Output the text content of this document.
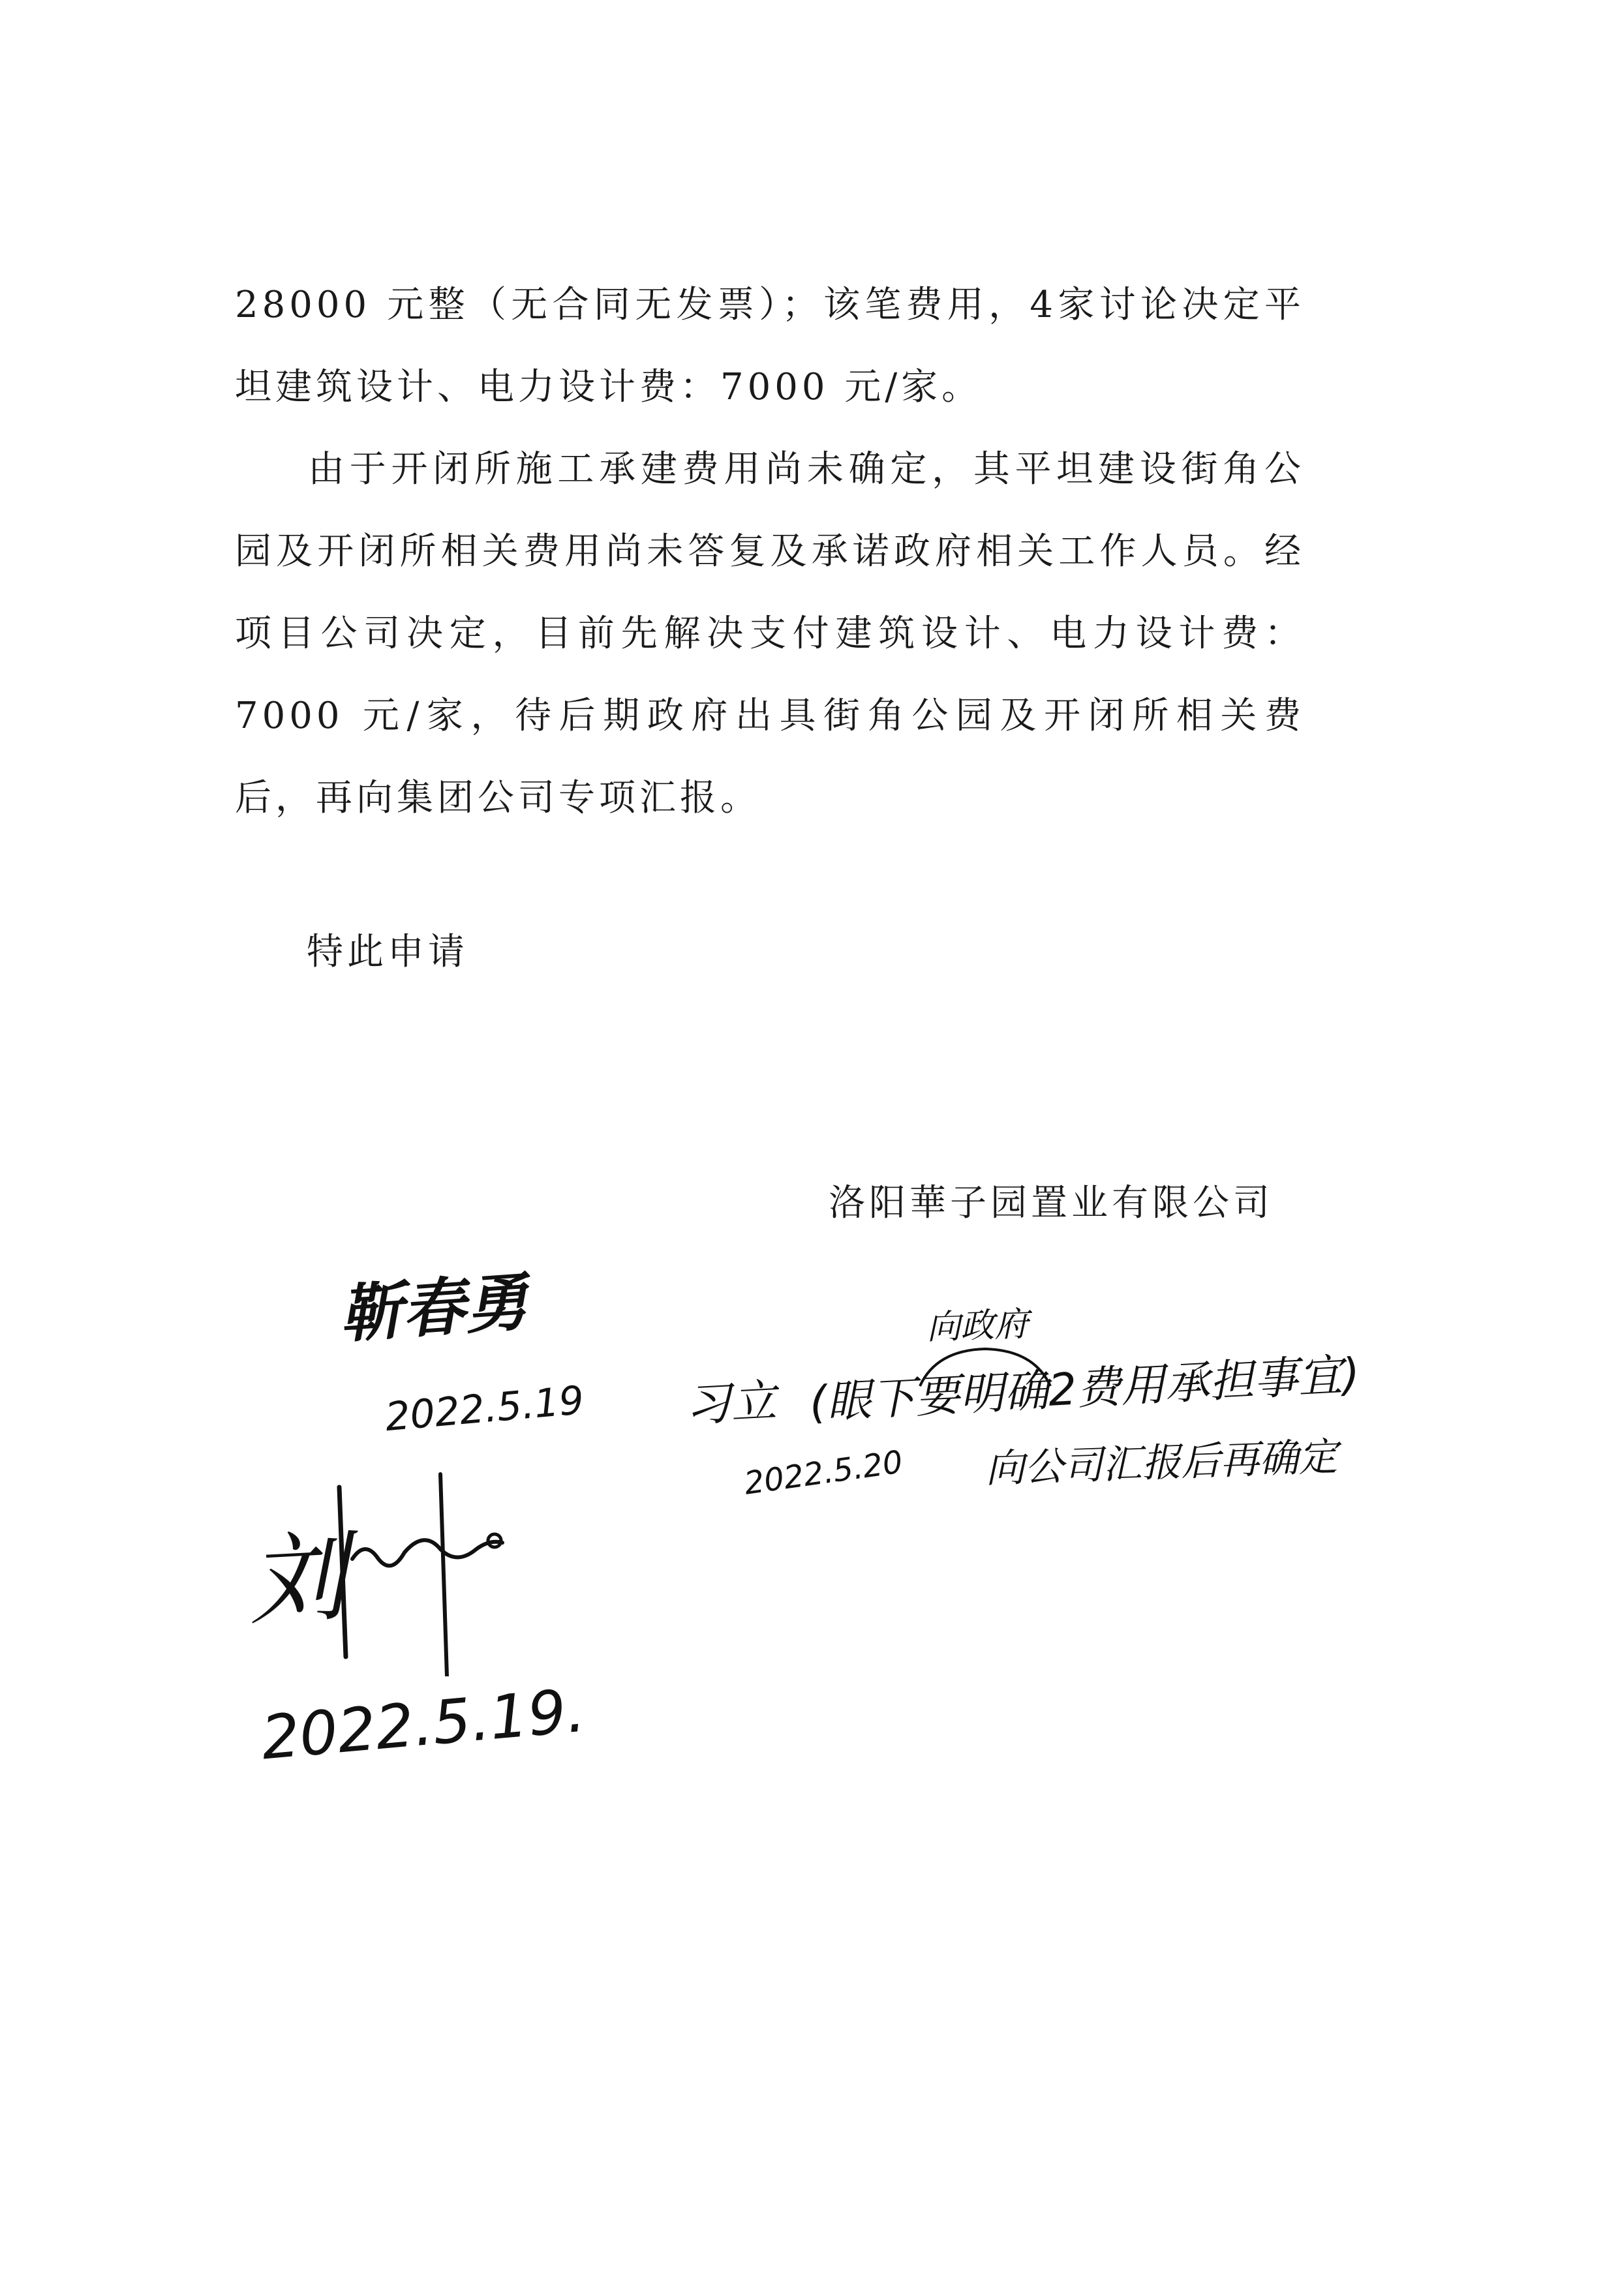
28000 元整（无合同无发票）；该笔费用，4家讨论决定平坦建筑设计、电力设计费：7000 元/家。

由于开闭所施工承建费用尚未确定，其平坦建设街角公园及开闭所相关费用尚未答复及承诺政府相关工作人员。经项目公司决定，目前先解决支付建筑设计、电力设计费：7000 元/家，待后期政府出具街角公园及开闭所相关费后，再向集团公司专项汇报。

特此申请
洛阳華子园置业有限公司
靳春勇
2022.5.19 习立
向政府
(眼下要明确2费用承担事宜)
向公司汇报后再确定
2022.5.20
刘
2022.5.19.
